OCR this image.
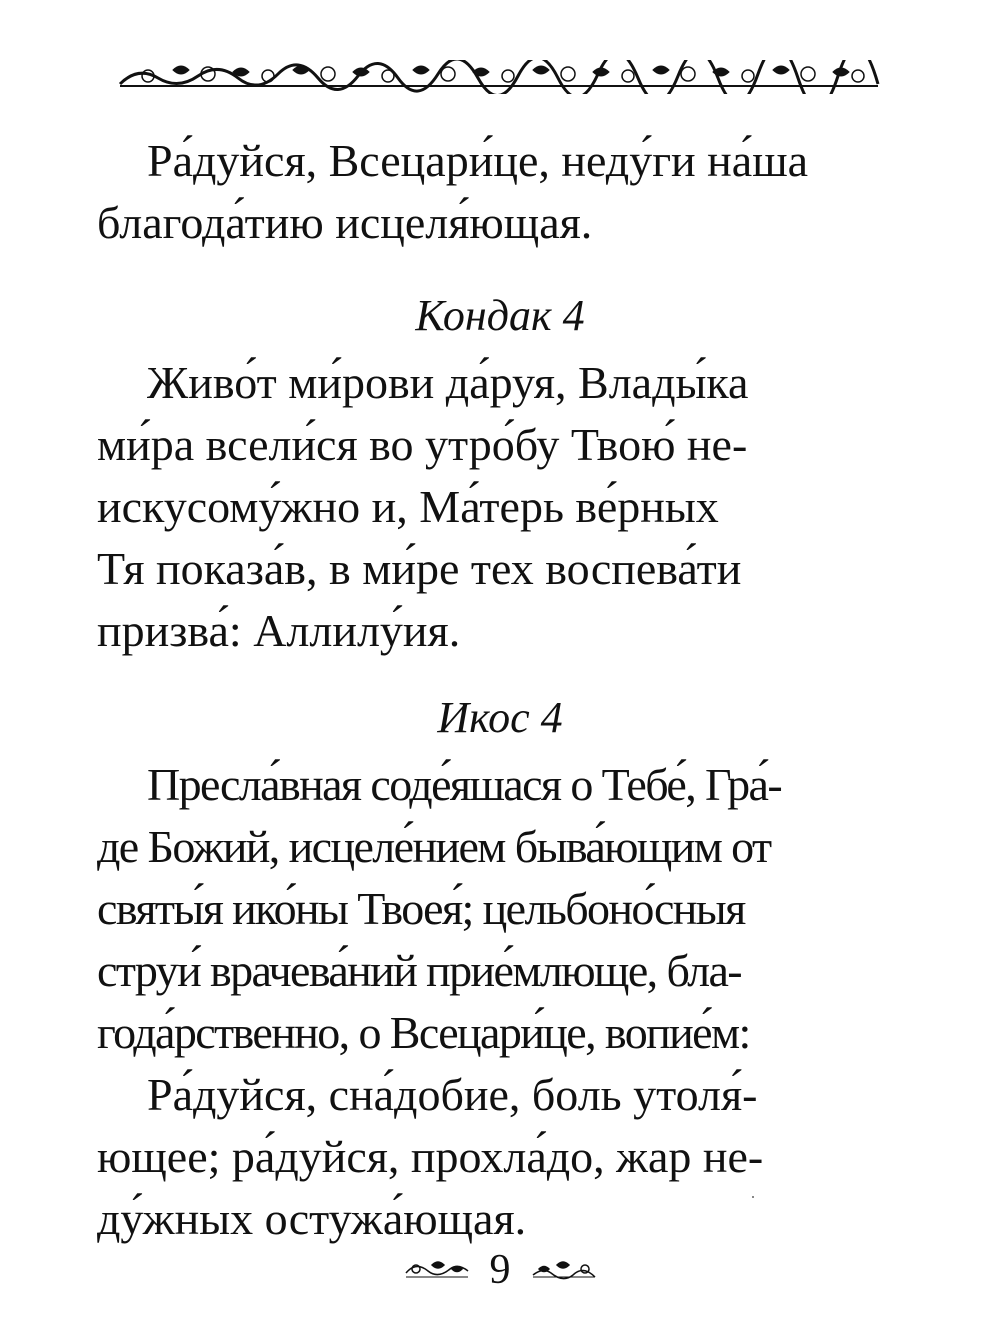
Ра́дуйся, Всецари́це, неду́ги на́ша
благода́тию исцеля́ющая.
Кондак 4
Живо́т ми́рови да́руя, Влады́ка
ми́ра всели́ся во утро́бу Твою́ не-
искусому́жно и, Ма́терь ве́рных
Тя показа́в, в ми́ре тех воспева́ти
призва́: Аллилу́ия.
Икос 4
Пресла́вная соде́яшася о Тебе́, Гра́-
де Божий, исцеле́нием быва́ющим от
святы́я ико́ны Твоея́; цельбоно́сныя
струи́ врачева́ний прие́млюще, бла-
года́рственно, о Всецари́це, вопие́м:
Ра́дуйся, сна́добие, боль утоля́-
ющее; ра́дуйся, прохла́до, жар не-
ду́жных остужа́ющая.
9
